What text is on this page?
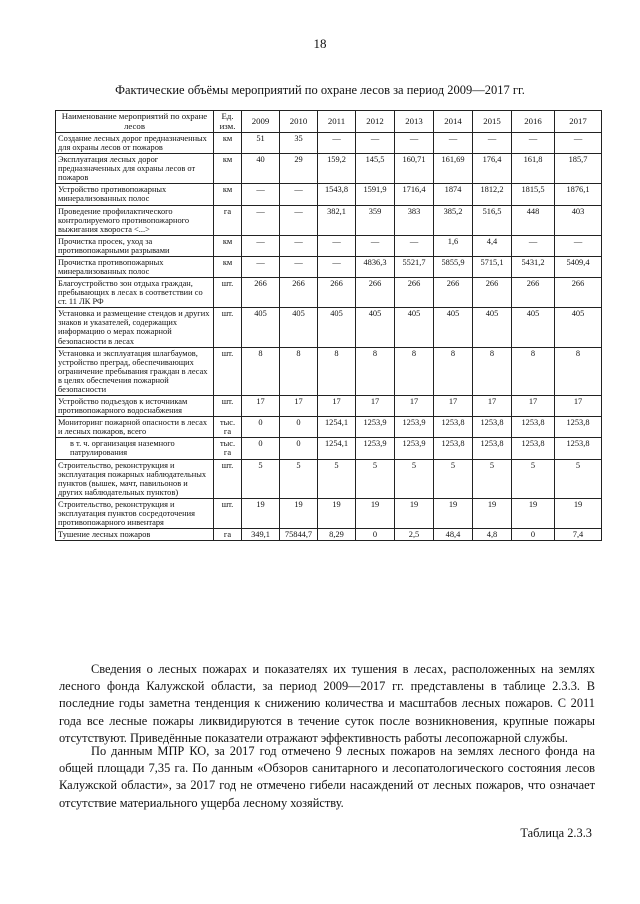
18
Фактические объёмы мероприятий по охране лесов за период 2009—2017 гг.
Наименование мероприятий по охране лесов	Ед. изм.	2009	2010	2011	2012	2013	2014	2015	2016	2017
Создание лесных дорог предназначенных для охраны лесов от пожаров	км	51	35	—	—	—	—	—	—	—
Эксплуатация лесных дорог предназначенных для охраны лесов от пожаров	км	40	29	159,2	145,5	160,71	161,69	176,4	161,8	185,7
Устройство противопожарных минерализованных полос	км	—	—	1543,8	1591,9	1716,4	1874	1812,2	1815,5	1876,1
Проведение профилактического контролируемого противопожарного выжигания хвороста <...>	га	—	—	382,1	359	383	385,2	516,5	448	403
Прочистка просек, уход за противопожарными разрывами	км	—	—	—	—	—	1,6	4,4	—	—
Прочистка противопожарных минерализованных полос	км	—	—	—	4836,3	5521,7	5855,9	5715,1	5431,2	5409,4
Благоустройство зон отдыха граждан, пребывающих в лесах в соответствии со ст. 11 ЛК РФ	шт.	266	266	266	266	266	266	266	266	266
Установка и размещение стендов и других знаков и указателей, содержащих информацию о мерах пожарной безопасности в лесах	шт.	405	405	405	405	405	405	405	405	405
Установка и эксплуатация шлагбаумов, устройство преград, обеспечивающих ограничение пребывания граждан в лесах в целях обеспечения пожарной безопасности	шт.	8	8	8	8	8	8	8	8	8
Устройство подъездов к источникам противопожарного водоснабжения	шт.	17	17	17	17	17	17	17	17	17
Мониторинг пожарной опасности в лесах и лесных пожаров, всего	тыс. га	0	0	1254,1	1253,9	1253,9	1253,8	1253,8	1253,8	1253,8
в т. ч. организация наземного патрулирования	тыс. га	0	0	1254,1	1253,9	1253,9	1253,8	1253,8	1253,8	1253,8
Строительство, реконструкция и эксплуатация пожарных наблюдательных пунктов (вышек, мачт, павильонов и других наблюдательных пунктов)	шт.	5	5	5	5	5	5	5	5	5
Строительство, реконструкция и эксплуатация пунктов сосредоточения противопожарного инвентаря	шт.	19	19	19	19	19	19	19	19	19
Тушение лесных пожаров	га	349,1	75844,7	8,29	0	2,5	48,4	4,8	0	7,4

Сведения о лесных пожарах и показателях их тушения в лесах, расположенных на землях лесного фонда Калужской области, за период 2009—2017 гг. представлены в таблице 2.3.3. В последние годы заметна тенденция к снижению количества и масштабов лесных пожаров. С 2011 года все лесные пожары ликвидируются в течение суток после возникновения, крупные пожары отсутствуют. Приведённые показатели отражают эффективность работы лесопожарной службы.

По данным МПР КО, за 2017 год отмечено 9 лесных пожаров на землях лесного фонда на общей площади 7,35 га. По данным «Обзоров санитарного и лесопатологического состояния лесов Калужской области», за 2017 год не отмечено гибели насаждений от лесных пожаров, что означает отсутствие материального ущерба лесному хозяйству.

Таблица 2.3.3
